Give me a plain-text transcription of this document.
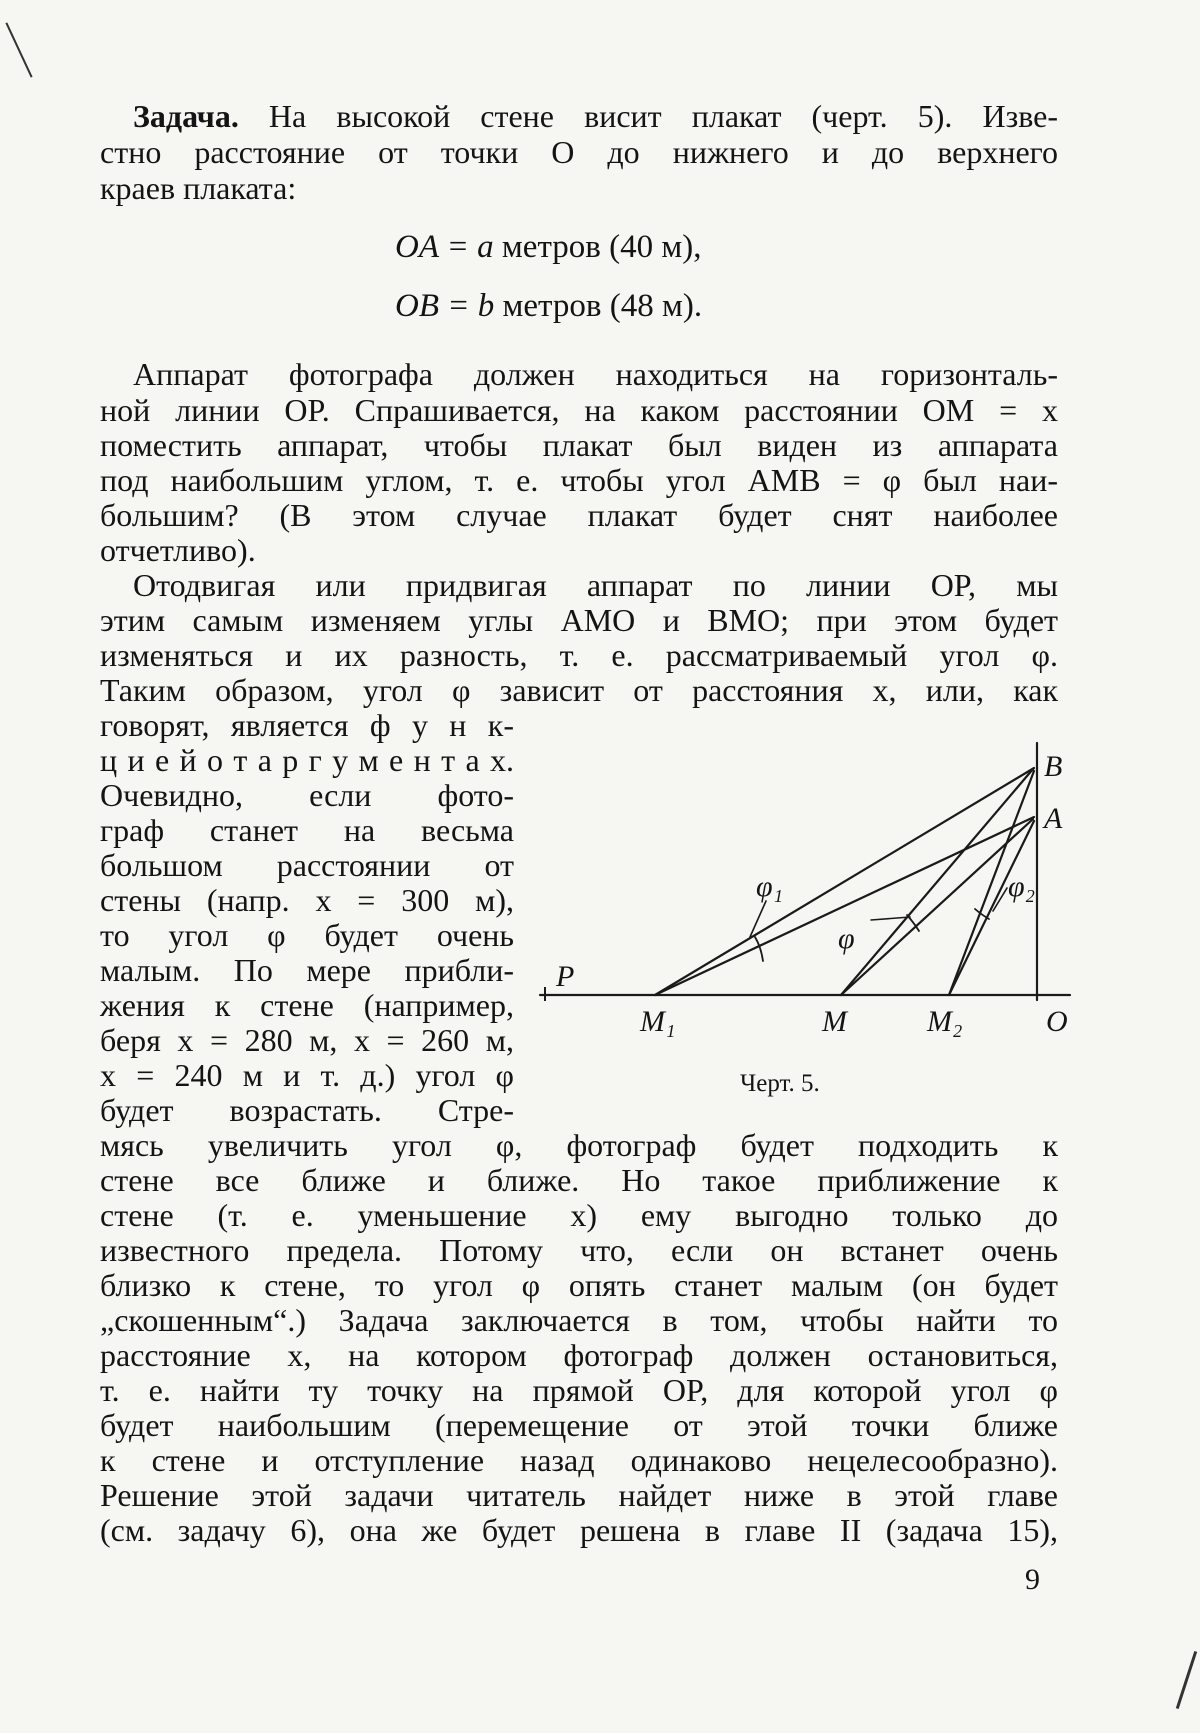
Задача. На высокой стене висит плакат (черт. 5). Изве-
стно расстояние от точки O до нижнего и до верхнего
краев плаката:
OA = a метров (40 м),
OB = b метров (48 м).
Аппарат фотографа должен находиться на горизонталь-
ной линии OP. Спрашивается, на каком расстоянии OM = x
поместить аппарат, чтобы плакат был виден из аппарата
под наибольшим углом, т. е. чтобы угол AMB = φ был наи-
большим? (В этом случае плакат будет снят наиболее
отчетливо).
Отодвигая или придвигая аппарат по линии OP, мы
этим самым изменяем углы AMO и BMO; при этом будет
изменяться и их разность, т. е. рассматриваемый угол φ.
Таким образом, угол φ зависит от расстояния x, или, как
говорят, является ф у н к-
ц и е й о т а р г у м е н т а x.
Очевидно, если фото-
граф станет на весьма
большом расстоянии от
стены (напр. x = 300 м),
то угол φ будет очень
малым. По мере прибли-
жения к стене (например,
беря x = 280 м, x = 260 м,
x = 240 м и т. д.) угол φ
будет возрастать. Стре-
мясь увеличить угол φ, фотограф будет подходить к
стене все ближе и ближе. Но такое приближение к
стене (т. е. уменьшение x) ему выгодно только до
известного предела. Потому что, если он встанет очень
близко к стене, то угол φ опять станет малым (он будет
„скошенным“.) Задача заключается в том, чтобы найти то
расстояние x, на котором фотограф должен остановиться,
т. е. найти ту точку на прямой OP, для которой угол φ
будет наибольшим (перемещение от этой точки ближе
к стене и отступление назад одинаково нецелесообразно).
Решение этой задачи читатель найдет ниже в этой главе
(см. задачу 6), она же будет решена в главе II (задача 15),
P
M₁	M	M₂	O
B
A
φ₁
φ
φ₂
Черт. 5.
9
